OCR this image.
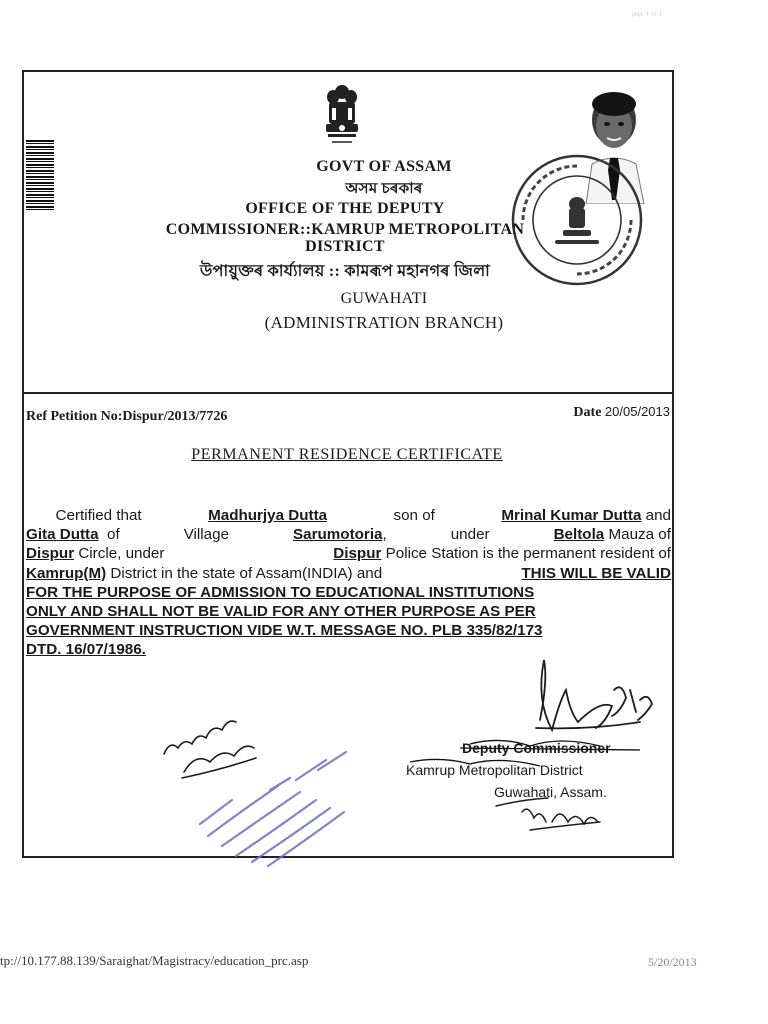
ᵖᵃᵍᵉ ¹ ᵒᶠ ¹
GOVT OF ASSAM
অসম চৰকাৰ
OFFICE OF THE DEPUTY
COMMISSIONER::KAMRUP METROPOLITAN
DISTRICT
উপায়ুক্তৰ কাৰ্য্যালয় :: কামৰূপ মহানগৰ জিলা
GUWAHATI
(ADMINISTRATION BRANCH)
Ref Petition No:Dispur/2013/7726	Date 20/05/2013
PERMANENT RESIDENCE CERTIFICATE
Certified that	Madhurjya Dutta	son of	Mrinal Kumar Dutta and
Gita Dutta of	Village	Sarumotoria,	under	Beltola Mauza of
Dispur Circle, under	Dispur Police Station is the permanent resident of
Kamrup(M) District in the state of Assam(INDIA) and	THIS WILL BE VALID
FOR THE PURPOSE OF ADMISSION TO EDUCATIONAL INSTITUTIONS
ONLY AND SHALL NOT BE VALID FOR ANY OTHER PURPOSE AS PER
GOVERNMENT INSTRUCTION VIDE W.T. MESSAGE NO. PLB 335/82/173
DTD. 16/07/1986.
Deputy Commissioner
Kamrup Metropolitan District
Guwahati, Assam.
tp://10.177.88.139/Saraighat/Magistracy/education_prc.asp	5/20/2013
